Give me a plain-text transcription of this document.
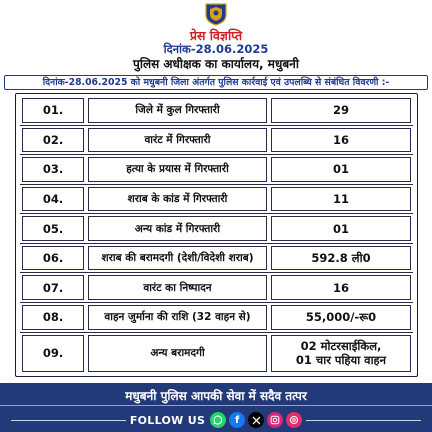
प्रेस विज्ञप्ति
दिनांक-28.06.2025
पुलिस अधीक्षक का कार्यालय, मधुबनी
दिनांक-28.06.2025 को मधुबनी जिला अंतर्गत पुलिस कार्रवाई एवं उपलब्धि से संबंधित विवरणी :-
01.	जिले में कुल गिरफ्तारी	29
02.	वारंट में गिरफ्तारी	16
03.	हत्या के प्रयास में गिरफ्तारी	01
04.	शराब के कांड में गिरफ्तारी	11
05.	अन्य कांड में गिरफ्तारी	01
06.	शराब की बरामदगी (देशी/विदेशी शराब)	592.8 ली0
07.	वारंट का निष्पादन	16
08.	वाहन जुर्माना की राशि (32 वाहन से)	55,000/-रू0
09.	अन्य बरामदगी	02 मोटरसाईकिल,
01 चार पहिया वाहन
मधुबनी पुलिस आपकी सेवा में सदैव तत्पर
FOLLOW US	f
